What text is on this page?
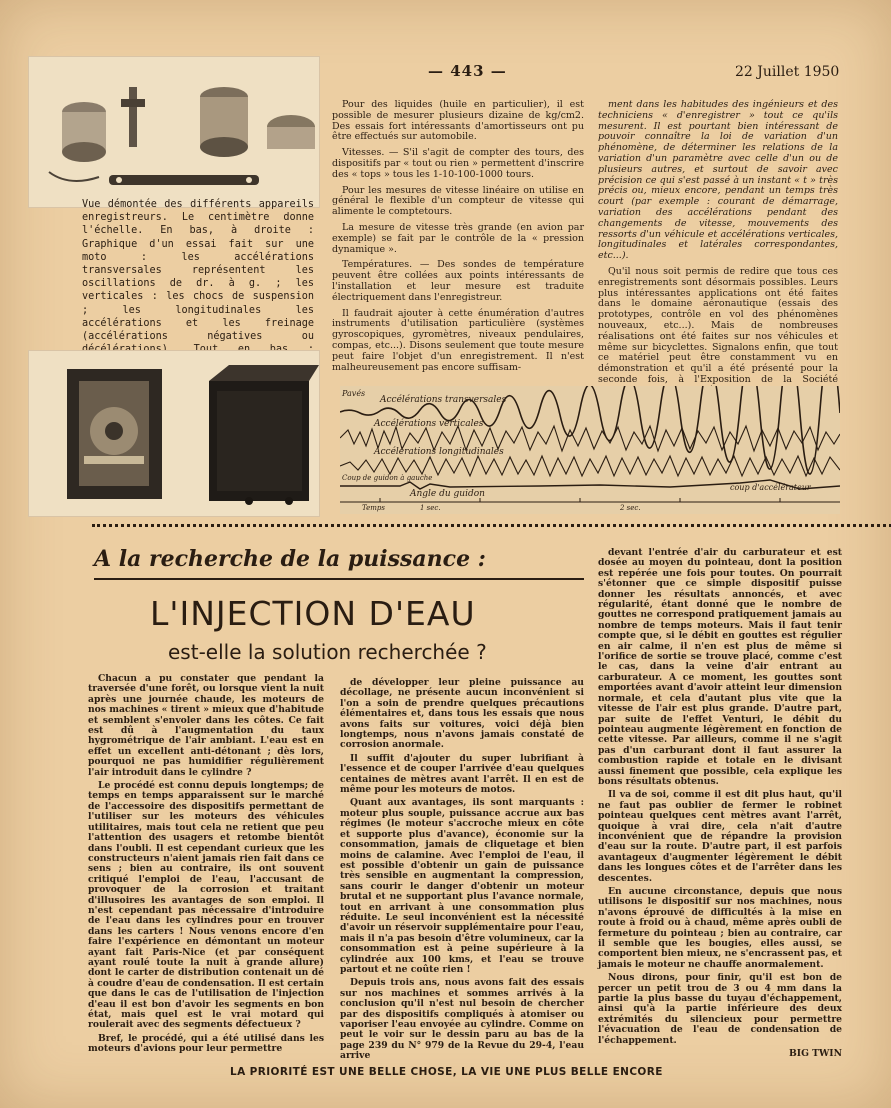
— 443 —	22 Juillet 1950
Vue démontée des différents appareils enregistreurs. Le centimètre donne l'échelle. En bas, à droite : Graphique d'un essai fait sur une moto : les accélérations transversales représentent les oscillations de dr. à g. ; les verticales : les chocs de suspension ; les longitudinales les accélérations et les freinage (accélérations négatives ou

Pour des liquides (huile en particulier), il est possible de mesurer plusieurs dizaine de kg/cm2. Des essais fort intéressants d'amortisseurs ont pu être effectués sur automobile.

Vitesses. — S'il s'agit de compter des tours, des dispositifs par « tout ou rien » permettent d'inscrire des « tops » tous les 1-10-100-1000 tours.

Pour les mesures de vitesse linéaire on utilise en général le flexible d'un compteur de vitesse qui alimente le comptetours.

La mesure de vitesse très grande (en avion par exemple) se fait par le contrôle de la « pression dynamique ».

Températures. — Des sondes de température peuvent être collées aux points intéressants de l'installation et leur mesure est traduite électriquement dans l'enregistreur.

Il faudrait ajouter à cette énumération d'autres instruments d'utilisation particulière (systèmes gyroscopiques, gyromètres, niveaux pendulaires, compas, etc...). Disons seulement que toute mesure peut faire l'objet d'un enregistrement. Il n'est malheureusement pas encore suffisam-

ment dans les habitudes des ingénieurs et des techniciens « d'enregistrer » tout ce qu'ils mesurent. Il est pourtant bien intéressant de pouvoir connaître la loi de variation d'un phénomène, de déterminer les relations de la variation d'un paramètre avec celle d'un ou de plusieurs autres, et surtout de savoir avec précision ce qui s'est passé à un instant « t » très précis ou, mieux encore, pendant un temps très court (par exemple : courant de démarrage, variation des accélérations pendant des changements de vitesse, mouvements des ressorts d'un véhicule et accélérations verticales, longitudinales et latérales correspondantes, etc...).

Qu'il nous soit permis de redire que tous ces enregistrements sont désormais possibles. Leurs plus intéressantes applications ont été faites dans le domaine aéronautique (essais des prototypes, contrôle en vol des phénomènes nouveaux, etc...). Mais de nombreuses réalisations ont été faites sur nos véhicules et même sur bicyclettes. Signalons enfin, que tout ce matériel peut être constamment vu en démonstration et qu'il a été présenté pour la seconde fois, à l'Exposition de la Société

Pavés
Accélérations transversales
Accélérations verticales
Accélérations longitudinales
Coup de guidon à gauche
Angle du guidon
Temps	1 sec.	2 sec.
coup d'accélérateur
A la recherche de la puissance :
L'INJECTION D'EAU
est-elle la solution recherchée ?

Chacun a pu constater que pendant la traversée d'une forêt, ou lorsque vient la nuit après une journée chaude, les moteurs de nos machines « tirent » mieux que d'habitude et semblent s'envoler dans les côtes. Ce fait est dû à l'augmentation du taux hygrométrique de l'air ambiant. L'eau est en effet un excellent anti-détonant ; dès lors, pourquoi ne pas humidifier régulièrement l'air introduit dans le cylindre ?

Le procédé est connu depuis longtemps; de temps en temps apparaissent sur le marché de l'accessoire des dispositifs permettant de l'utiliser sur les moteurs des véhicules utilitaires, mais tout cela ne retient que peu l'attention des usagers et retombe bientôt dans l'oubli. Il est cependant curieux que les constructeurs n'aient jamais rien fait dans ce sens ; bien au contraire, ils ont souvent critiqué l'emploi de l'eau, l'accusant de provoquer de la corrosion et traitant d'illusoires les avantages de son emploi. Il n'est cependant pas nécessaire d'introduire de l'eau dans les cylindres pour en trouver dans les carters ! Nous venons encore d'en faire l'expérience en démontant un moteur ayant fait Paris-Nice (et par conséquent ayant roulé toute la nuit à grande allure) dont le carter de distribution contenait un dé à coudre d'eau de condensation. Il est certain que dans le cas de l'utilisation de l'injection d'eau il est bon d'avoir les segments en bon état, mais quel est le vrai motard qui roulerait avec des segments défectueux ?

Bref, le procédé, qui a été utilisé dans les moteurs d'avions pour leur permettre

de développer leur pleine puissance au décollage, ne présente aucun inconvénient si l'on a soin de prendre quelques précautions élémentaires et, dans tous les essais que nous avons faits sur voitures, voici déjà bien longtemps, nous n'avons jamais constaté de corrosion anormale.

Il suffit d'ajouter du super lubrifiant à l'essence et de couper l'arrivée d'eau quelques centaines de mètres avant l'arrêt. Il en est de même pour les moteurs de motos.

Quant aux avantages, ils sont marquants : moteur plus souple, puissance accrue aux bas régimes (le moteur s'accroche mieux en côte et supporte plus d'avance), économie sur la consommation, jamais de cliquetage et bien moins de calamine. Avec l'emploi de l'eau, il est possible d'obtenir un gain de puissance très sensible en augmentant la compression, sans courir le danger d'obtenir un moteur brutal et ne supportant plus l'avance normale, tout en arrivant à une consommation plus réduite. Le seul inconvénient est la nécessité d'avoir un réservoir supplémentaire pour l'eau, mais il n'a pas besoin d'être volumineux, car la consommation est à peine supérieure à la cylindrée aux 100 kms, et l'eau se trouve partout et ne coûte rien !

Depuis trois ans, nous avons fait des essais sur nos machines et sommes arrivés à la conclusion qu'il n'est nul besoin de chercher par des dispositifs compliqués à atomiser ou vaporiser l'eau envoyée au cylindre. Comme on peut le voir sur le dessin paru au bas de la page 239 du N° 979 de la Revue du 29-4, l'eau arrive

devant l'entrée d'air du carburateur et est dosée au moyen du pointeau, dont la position est repérée une fois pour toutes. On pourrait s'étonner que ce simple dispositif puisse donner les résultats annoncés, et avec régularité, étant donné que le nombre de gouttes ne correspond pratiquement jamais au nombre de temps moteurs. Mais il faut tenir compte que, si le débit en gouttes est régulier en air calme, il n'en est plus de même si l'orifice de sortie se trouve placé, comme c'est le cas, dans la veine d'air entrant au carburateur. A ce moment, les gouttes sont emportées avant d'avoir atteint leur dimension normale, et cela d'autant plus vite que la vitesse de l'air est plus grande. D'autre part, par suite de l'effet Venturi, le débit du pointeau augmente légèrement en fonction de cette vitesse. Par ailleurs, comme il ne s'agit pas d'un carburant dont il faut assurer la combustion rapide et totale en le divisant aussi finement que possible, cela explique les bons résultats obtenus.

Il va de soi, comme il est dit plus haut, qu'il ne faut pas oublier de fermer le robinet pointeau quelques cent mètres avant l'arrêt, quoique à vrai dire, cela n'ait d'autre inconvénient que de répandre la provision d'eau sur la route. D'autre part, il est parfois avantageux d'augmenter légèrement le débit dans les longues côtes et de l'arrêter dans les descentes.

En aucune circonstance, depuis que nous utilisons le dispositif sur nos machines, nous n'avons éprouvé de difficultés à la mise en route à froid ou à chaud, même après oubli de fermeture du pointeau ; bien au contraire, car il semble que les bougies, elles aussi, se comportent bien mieux, ne s'encrassent pas, et jamais le moteur ne chauffe anormalement.

Nous dirons, pour finir, qu'il est bon de percer un petit trou de 3 ou 4 mm dans la partie la plus basse du tuyau d'échappement, ainsi qu'à la partie inférieure des deux extrémités du silencieux pour permettre l'évacuation de l'eau de condensation de l'échappement.

BIG TWIN

LA PRIORITÉ EST UNE BELLE CHOSE, LA VIE UNE PLUS BELLE ENCORE
